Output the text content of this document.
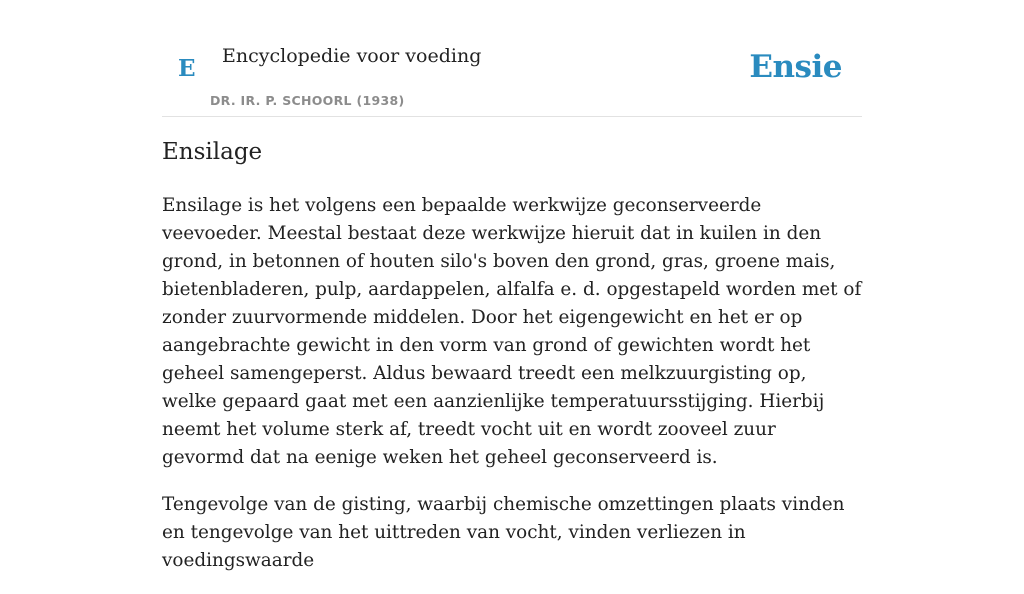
E Encyclopedie voor voeding
DR. IR. P. SCHOORL (1938)
Ensie
Ensilage

Ensilage is het volgens een bepaalde werkwijze geconserveerde veevoeder. Meestal bestaat deze werkwijze hieruit dat in kuilen in den grond, in betonnen of houten silo's boven den grond, gras, groene mais, bietenbladeren, pulp, aardappelen, alfalfa e. d. opgestapeld worden met of zonder zuurvormende middelen. Door het eigengewicht en het er op aangebrachte gewicht in den vorm van grond of gewichten wordt het geheel samengeperst. Aldus bewaard treedt een melkzuurgisting op, welke gepaard gaat met een aanzienlijke temperatuursstijging. Hierbij neemt het volume sterk af, treedt vocht uit en wordt zooveel zuur gevormd dat na eenige weken het geheel geconserveerd is.

Tengevolge van de gisting, waarbij chemische omzettingen plaats vinden en tengevolge van het uittreden van vocht, vinden verliezen in voedingswaarde
